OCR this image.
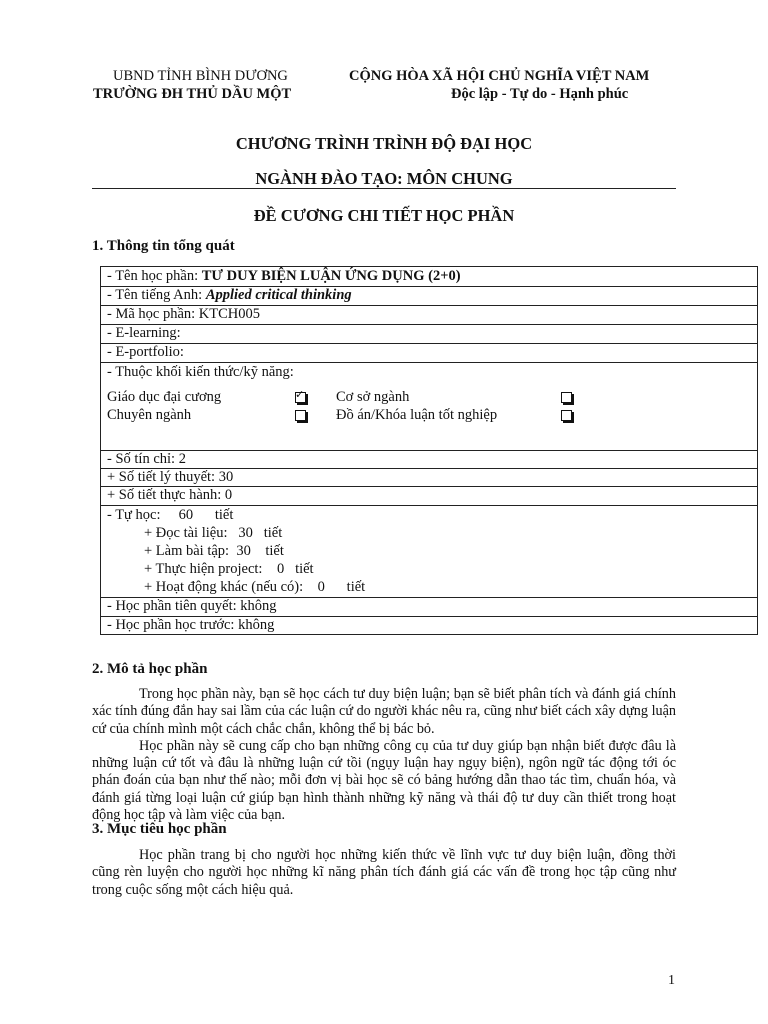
UBND TỈNH BÌNH DƯƠNG
TRƯỜNG ĐH THỦ DẦU MỘT
CỘNG HÒA XÃ HỘI CHỦ NGHĨA VIỆT NAM
Độc lập - Tự do - Hạnh phúc
CHƯƠNG TRÌNH TRÌNH ĐỘ ĐẠI HỌC
NGÀNH ĐÀO TẠO: MÔN CHUNG
ĐỀ CƯƠNG CHI TIẾT HỌC PHẦN
1. Thông tin tổng quát
- Tên học phần: TƯ DUY BIỆN LUẬN ỨNG DỤNG (2+0)
- Tên tiếng Anh: Applied critical thinking
- Mã học phần: KTCH005
- E-learning:
- E-portfolio:
- Thuộc khối kiến thức/kỹ năng:
Giáo dục đại cương
✓	Cơ sở ngành
Chuyên ngành	Đồ án/Khóa luận tốt nghiệp
- Số tín chỉ: 2
+ Số tiết lý thuyết: 30
+ Số tiết thực hành: 0
- Tự học:     60      tiết
+ Đọc tài liệu:   30   tiết
+ Làm bài tập:  30    tiết
+ Thực hiện project:    0   tiết
+ Hoạt động khác (nếu có):    0      tiết
- Học phần tiên quyết: không
- Học phần học trước: không
2. Mô tả học phần

Trong học phần này, bạn sẽ học cách tư duy biện luận; bạn sẽ biết phân tích và đánh giá chính xác tính đúng đắn hay sai lầm của các luận cứ do người khác nêu ra, cũng như biết cách xây dựng luận cứ của chính mình một cách chắc chắn, không thể bị bác bỏ.

Học phần này sẽ cung cấp cho bạn những công cụ của tư duy giúp bạn nhận biết được đâu là những luận cứ tốt và đâu là những luận cứ tồi (ngụy luận hay ngụy biện), ngôn ngữ tác động tới óc phán đoán của bạn như thế nào; mỗi đơn vị bài học sẽ có bảng hướng dẫn thao tác tìm, chuẩn hóa, và đánh giá từng loại luận cứ giúp bạn hình thành những kỹ năng và thái độ tư duy cần thiết trong hoạt động học tập và làm việc của bạn.

3. Mục tiêu học phần

Học phần trang bị cho người học những kiến thức về lĩnh vực tư duy biện luận, đồng thời cũng rèn luyện cho người học những kĩ năng phân tích đánh giá các vấn đề trong học tập cũng như trong cuộc sống một cách hiệu quả.

1
